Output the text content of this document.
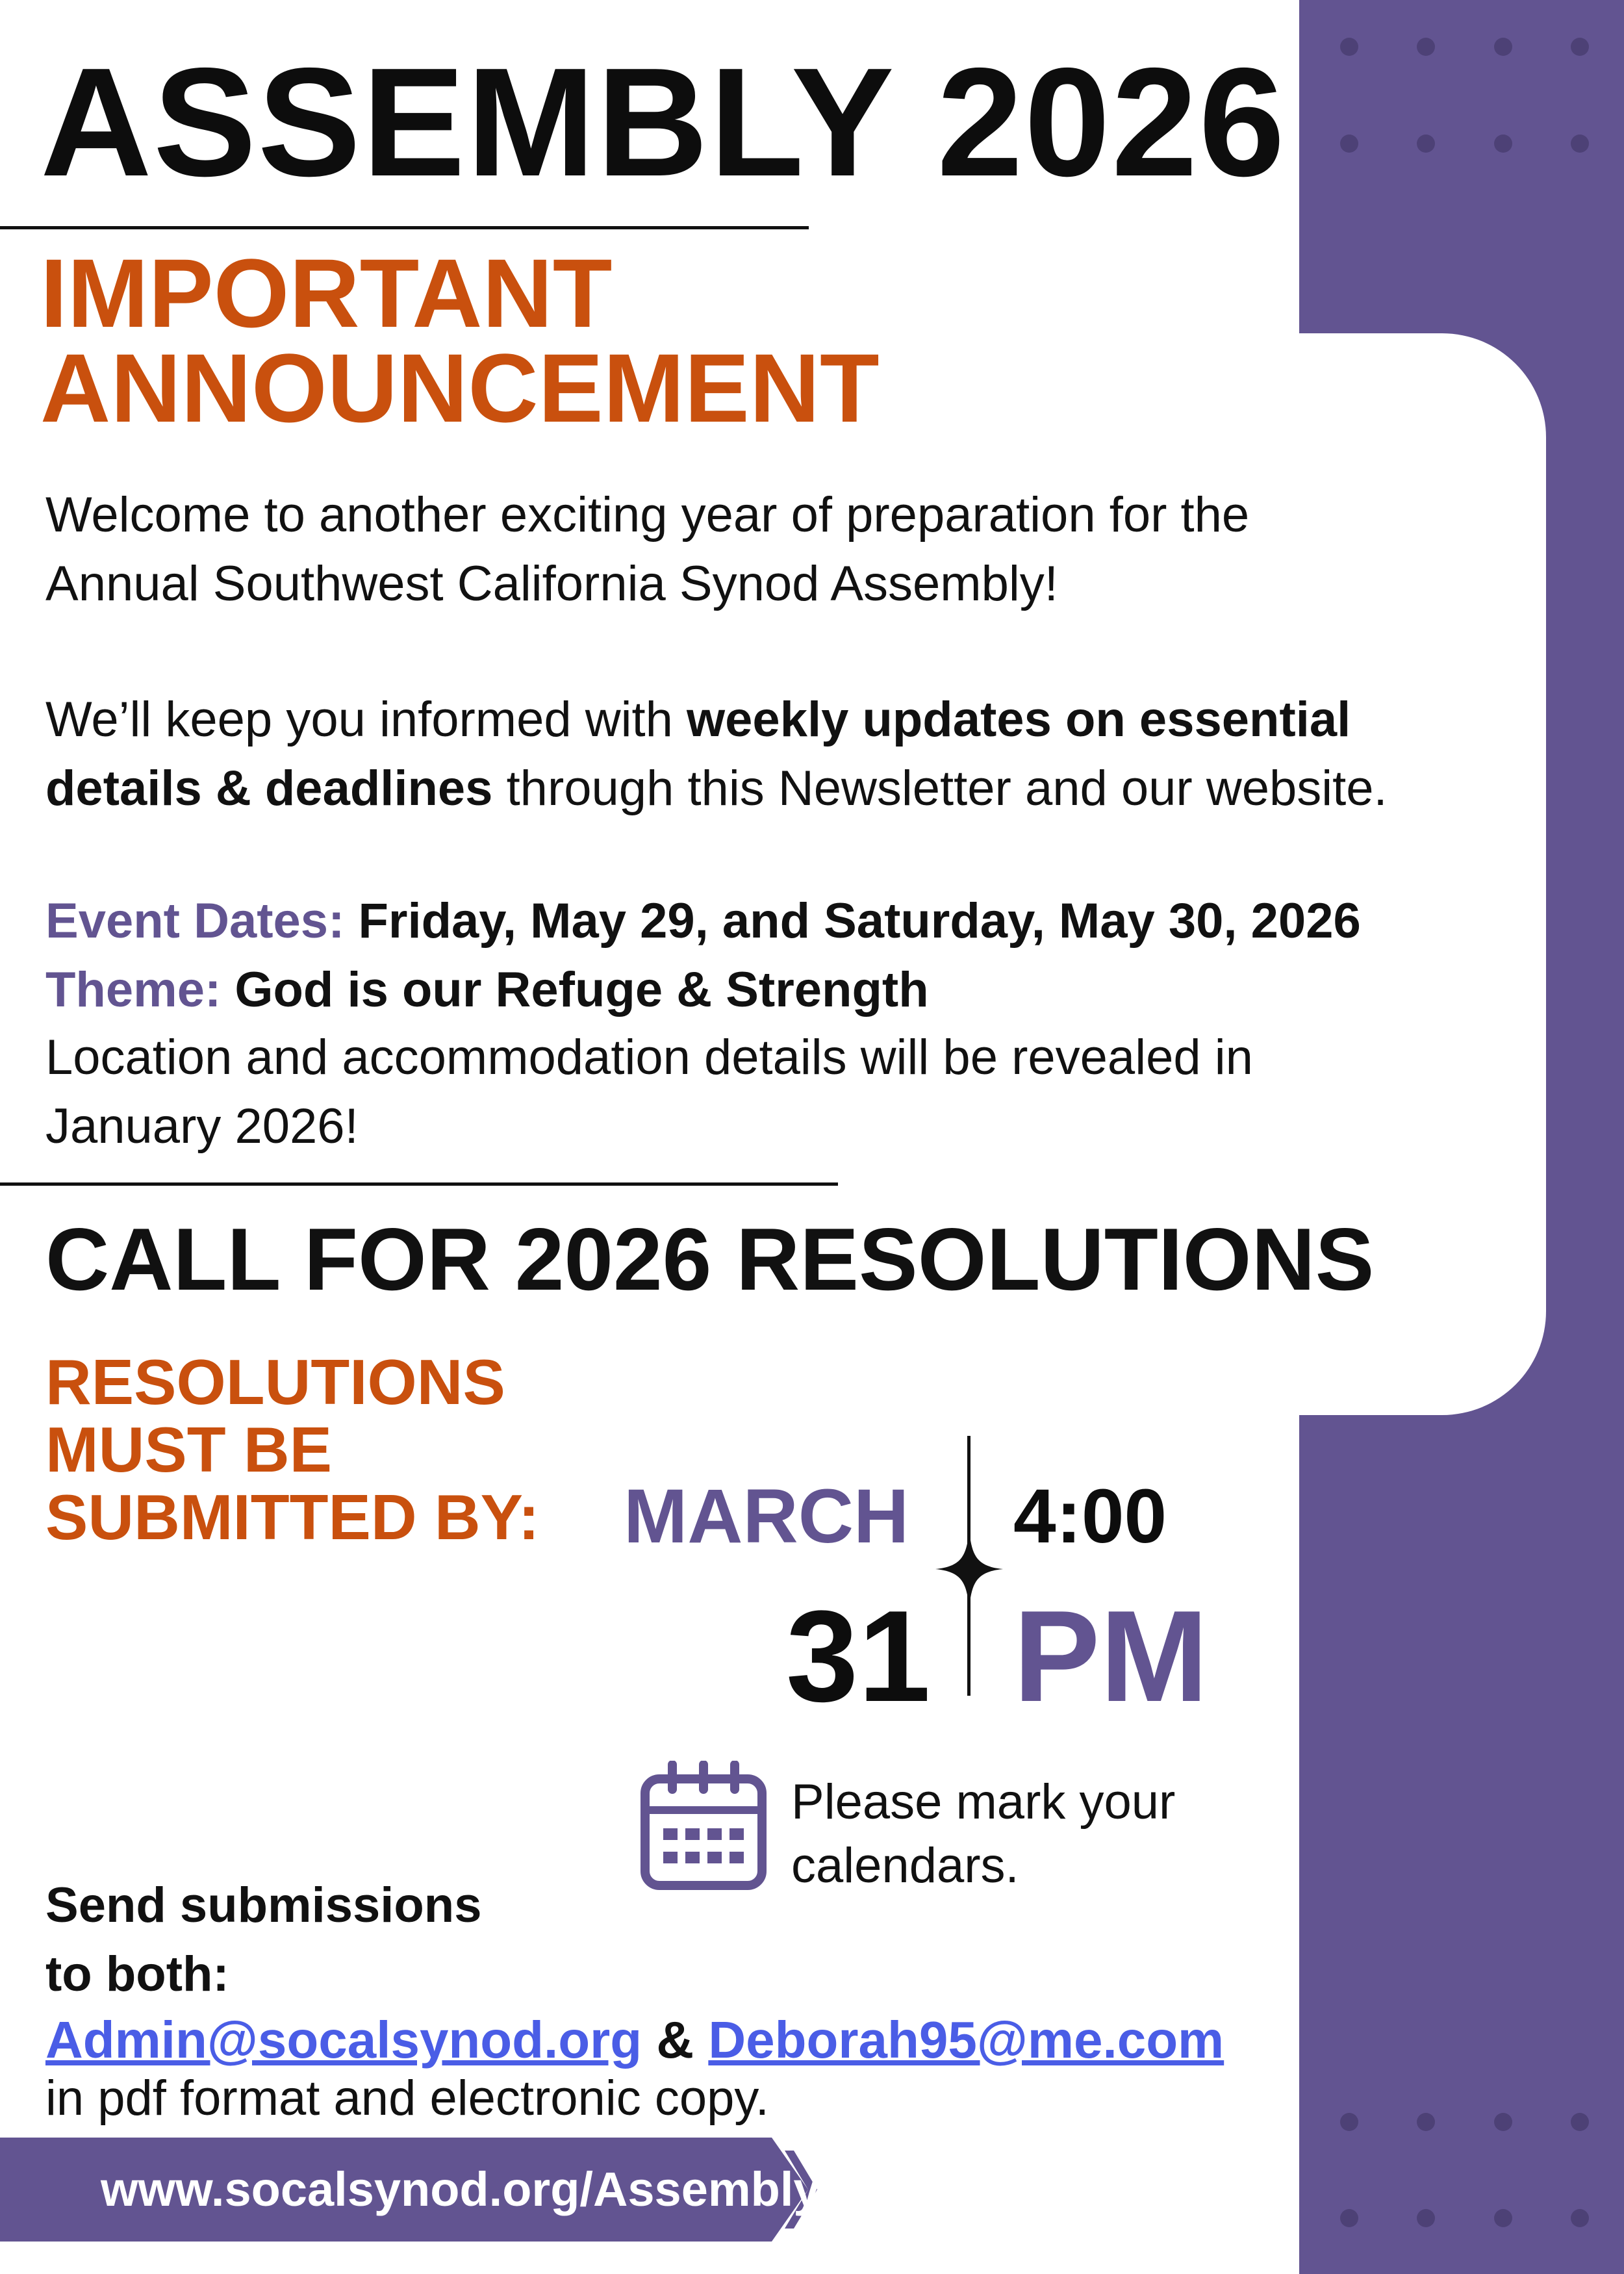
ASSEMBLY 2026
IMPORTANT
ANNOUNCEMENT
Welcome to another exciting year of preparation for the
Annual Southwest California Synod Assembly!
We’ll keep you informed with weekly updates on essential
details & deadlines through this Newsletter and our website.
Event Dates: Friday, May 29, and Saturday, May 30, 2026
Theme: God is our Refuge & Strength
Location and accommodation details will be revealed in
January 2026!
CALL FOR 2026 RESOLUTIONS
RESOLUTIONS
MUST BE
SUBMITTED BY: MARCH
31
4:00
PM
Please mark your
calendars.
Send submissions
to both:
Admin@socalsynod.org & Deborah95@me.com
in pdf format and electronic copy.
www.socalsynod.org/Assembly
